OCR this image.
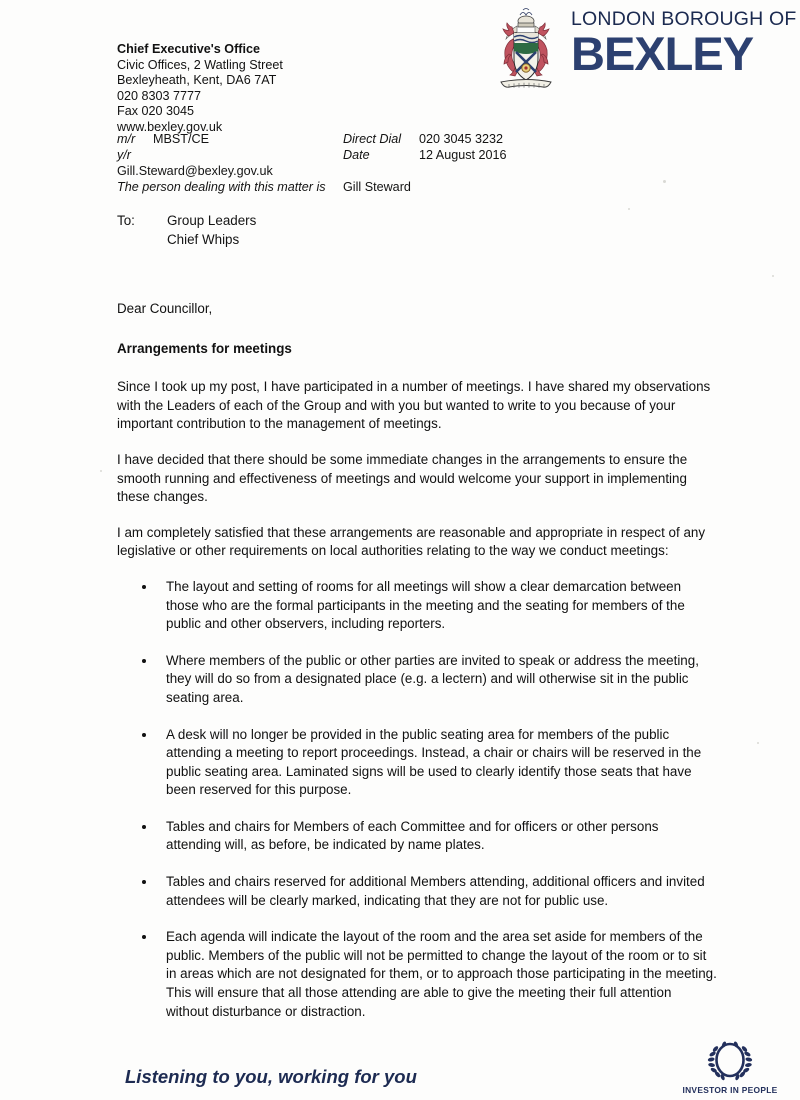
LONDON BOROUGH OF
BEXLEY
Chief Executive's Office
Civic Offices, 2 Watling Street
Bexleyheath, Kent, DA6 7AT
020 8303 7777
Fax 020 3045
www.bexley.gov.uk
m/r MBST/CE	Direct Dial 020 3045 3232
y/r	Date	12 August 2016
Gill.Steward@bexley.gov.uk
The person dealing with this matter is Gill Steward
To: Group Leaders
Chief Whips

Dear Councillor,

Arrangements for meetings

Since I took up my post, I have participated in a number of meetings. I have shared my observations with the Leaders of each of the Group and with you but wanted to write to you because of your important contribution to the management of meetings.

I have decided that there should be some immediate changes in the arrangements to ensure the smooth running and effectiveness of meetings and would welcome your support in implementing these changes.

I am completely satisfied that these arrangements are reasonable and appropriate in respect of any legislative or other requirements on local authorities relating to the way we conduct meetings:

The layout and setting of rooms for all meetings will show a clear demarcation between those who are the formal participants in the meeting and the seating for members of the public and other observers, including reporters.
Where members of the public or other parties are invited to speak or address the meeting, they will do so from a designated place (e.g. a lectern) and will otherwise sit in the public seating area.
A desk will no longer be provided in the public seating area for members of the public attending a meeting to report proceedings. Instead, a chair or chairs will be reserved in the public seating area. Laminated signs will be used to clearly identify those seats that have been reserved for this purpose.
Tables and chairs for Members of each Committee and for officers or other persons attending will, as before, be indicated by name plates.
Tables and chairs reserved for additional Members attending, additional officers and invited attendees will be clearly marked, indicating that they are not for public use.
Each agenda will indicate the layout of the room and the area set aside for members of the public. Members of the public will not be permitted to change the layout of the room or to sit in areas which are not designated for them, or to approach those participating in the meeting. This will ensure that all those attending are able to give the meeting their full attention without disturbance or distraction.
Listening to you, working for you
INVESTOR IN PEOPLE
